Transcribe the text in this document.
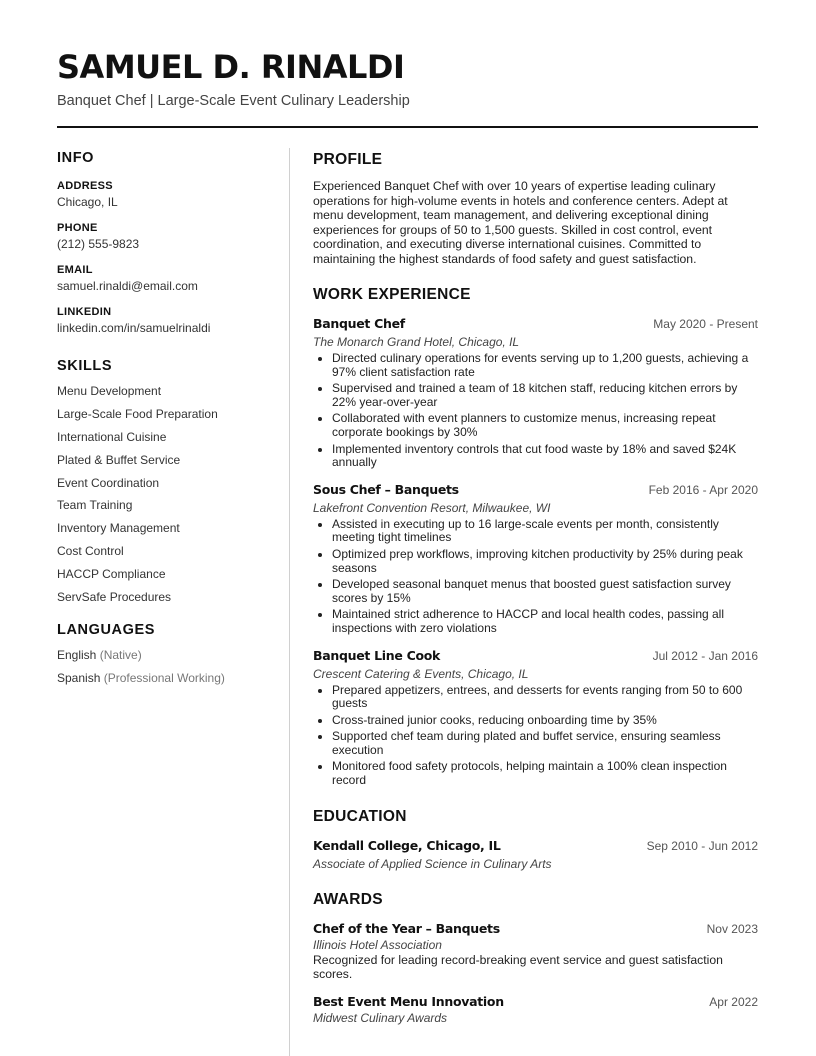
SAMUEL D. RINALDI
Banquet Chef | Large-Scale Event Culinary Leadership
INFO
ADDRESS
Chicago, IL
PHONE
(212) 555-9823
EMAIL
samuel.rinaldi@email.com
LINKEDIN
linkedin.com/in/samuelrinaldi
SKILLS
Menu Development
Large-Scale Food Preparation
International Cuisine
Plated & Buffet Service
Event Coordination
Team Training
Inventory Management
Cost Control
HACCP Compliance
ServSafe Procedures
LANGUAGES
English (Native)
Spanish (Professional Working)
PROFILE

Experienced Banquet Chef with over 10 years of expertise leading culinary operations for high-volume events in hotels and conference centers. Adept at menu development, team management, and delivering exceptional dining experiences for groups of 50 to 1,500 guests. Skilled in cost control, event coordination, and executing diverse international cuisines. Committed to maintaining the highest standards of food safety and guest satisfaction.

WORK EXPERIENCE
Banquet Chef	May 2020 - Present
The Monarch Grand Hotel, Chicago, IL
• Directed culinary operations for events serving up to 1,200 guests, achieving a 97% client satisfaction rate
• Supervised and trained a team of 18 kitchen staff, reducing kitchen errors by 22% year-over-year
• Collaborated with event planners to customize menus, increasing repeat corporate bookings by 30%
• Implemented inventory controls that cut food waste by 18% and saved $24K annually
Sous Chef – Banquets	Feb 2016 - Apr 2020
Lakefront Convention Resort, Milwaukee, WI
• Assisted in executing up to 16 large-scale events per month, consistently meeting tight timelines
• Optimized prep workflows, improving kitchen productivity by 25% during peak seasons
• Developed seasonal banquet menus that boosted guest satisfaction survey scores by 15%
• Maintained strict adherence to HACCP and local health codes, passing all inspections with zero violations
Banquet Line Cook	Jul 2012 - Jan 2016
Crescent Catering & Events, Chicago, IL
• Prepared appetizers, entrees, and desserts for events ranging from 50 to 600 guests
• Cross-trained junior cooks, reducing onboarding time by 35%
• Supported chef team during plated and buffet service, ensuring seamless execution
• Monitored food safety protocols, helping maintain a 100% clean inspection record
EDUCATION
Kendall College, Chicago, IL	Sep 2010 - Jun 2012
Associate of Applied Science in Culinary Arts
AWARDS
Chef of the Year – Banquets	Nov 2023
Illinois Hotel Association
Recognized for leading record-breaking event service and guest satisfaction scores.
Best Event Menu Innovation	Apr 2022
Midwest Culinary Awards
